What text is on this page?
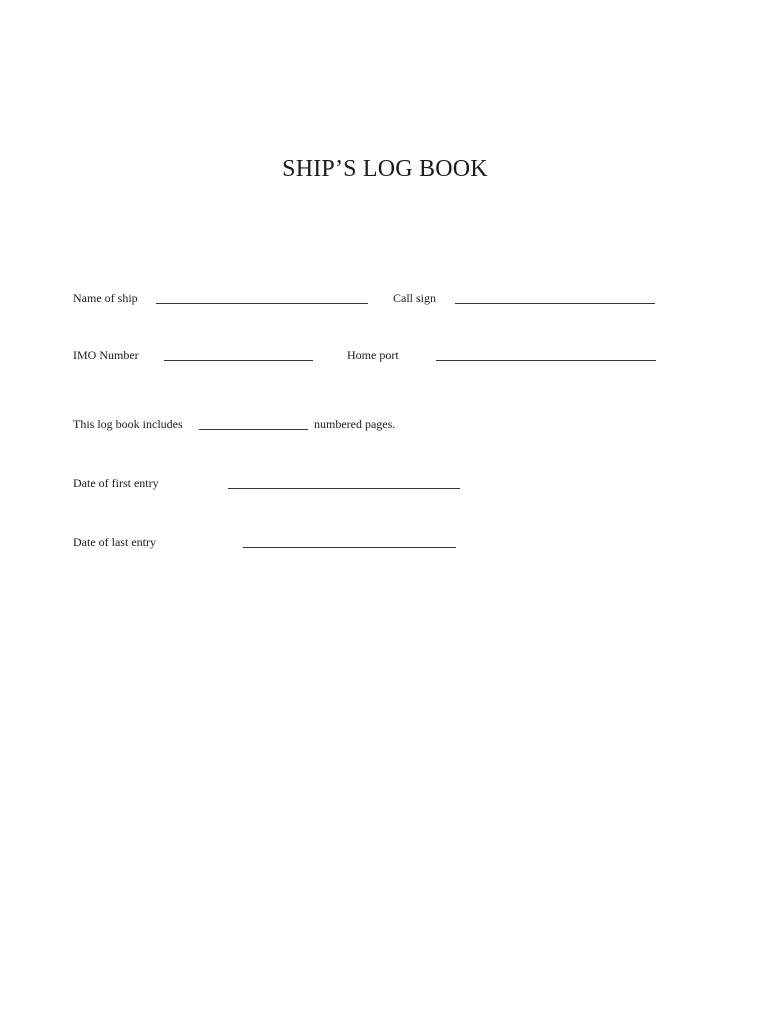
SHIP’S LOG BOOK
Name of ship	Call sign
IMO Number	Home port
This log book includes	numbered pages.
Date of first entry
Date of last entry
